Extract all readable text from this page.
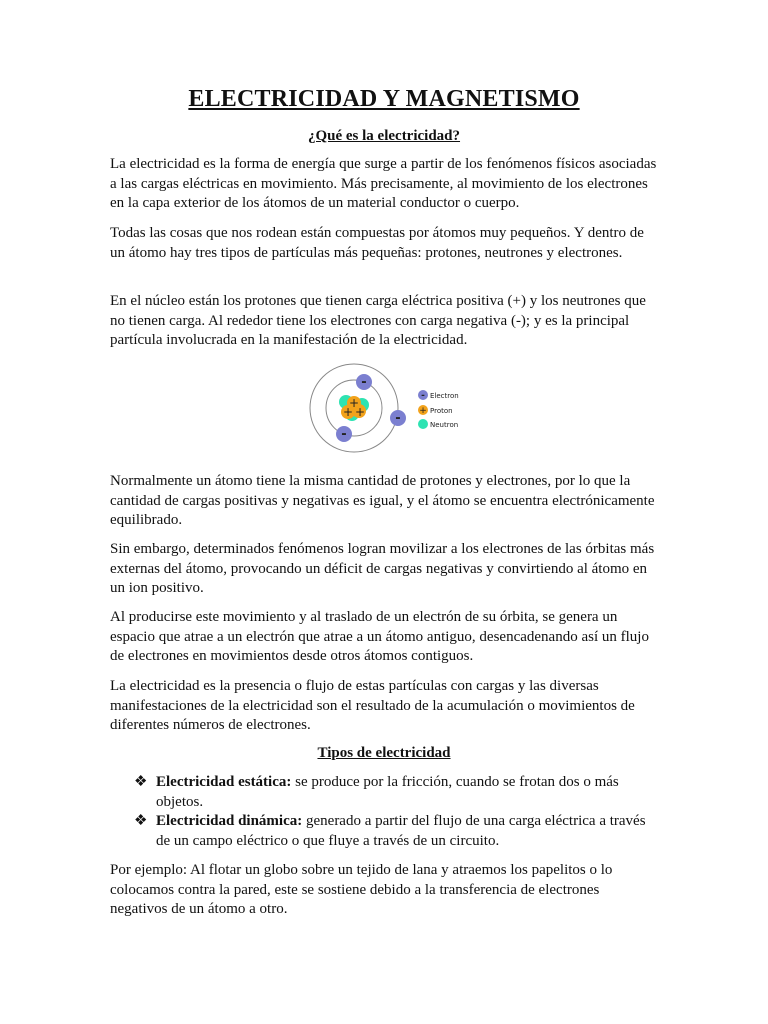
ELECTRICIDAD Y MAGNETISMO

¿Qué es la electricidad?

La electricidad es la forma de energía que surge a partir de los fenómenos físicos asociadas a las cargas eléctricas en movimiento. Más precisamente, al movimiento de los electrones en la capa exterior de los átomos de un material conductor o cuerpo.

Todas las cosas que nos rodean están compuestas por átomos muy pequeños. Y dentro de un átomo hay tres tipos de partículas más pequeñas: protones, neutrones y electrones.

En el núcleo están los protones que tienen carga eléctrica positiva (+) y los neutrones que no tienen carga. Al rededor tiene los electrones con carga negativa (-); y es la principal partícula involucrada en la manifestación de la electricidad.

+
+ +
-
-
-
- Electron
+ Proton
Neutron

Normalmente un átomo tiene la misma cantidad de protones y electrones, por lo que la cantidad de cargas positivas y negativas es igual, y el átomo se encuentra electrónicamente equilibrado.

Sin embargo, determinados fenómenos logran movilizar a los electrones de las órbitas más externas del átomo, provocando un déficit de cargas negativas y convirtiendo al átomo en un ion positivo.

Al producirse este movimiento y al traslado de un electrón de su órbita, se genera un espacio que atrae a un electrón que atrae a un átomo antiguo, desencadenando así un flujo de electrones en movimientos desde otros átomos contiguos.

La electricidad es la presencia o flujo de estas partículas con cargas y las diversas manifestaciones de la electricidad son el resultado de la acumulación o movimientos de diferentes números de electrones.

Tipos de electricidad

❖ Electricidad estática: se produce por la fricción, cuando se frotan dos o más objetos.
❖ Electricidad dinámica: generado a partir del flujo de una carga eléctrica a través de un campo eléctrico o que fluye a través de un circuito.

Por ejemplo: Al flotar un globo sobre un tejido de lana y atraemos los papelitos o lo colocamos contra la pared, este se sostiene debido a la transferencia de electrones negativos de un átomo a otro.
